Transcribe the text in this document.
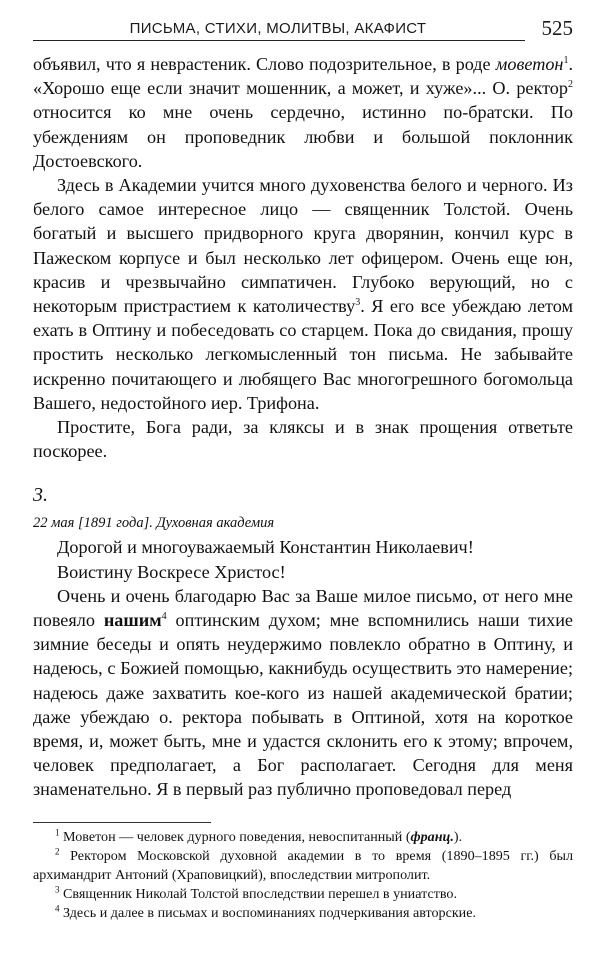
ПИСЬМА, СТИХИ, МОЛИТВЫ, АКАФИСТ	525

объявил, что я неврастеник. Слово подозрительное, в роде моветон$^1$. «Хорошо еще если значит мошенник, а может, и хуже»... О. ректор$^2$ относится ко мне очень сердечно, истинно по-братски. По убеждениям он проповедник любви и большой поклонник Достоевского.

Здесь в Академии учится много духовенства белого и черного. Из белого самое интересное лицо — священник Толстой. Очень богатый и высшего придворного круга дворянин, кончил курс в Пажеском корпусе и был несколько лет офицером. Очень еще юн, красив и чрезвычайно симпатичен. Глубоко верующий, но с некоторым пристрастием к католичеству$^3$. Я его все убеждаю летом ехать в Оптину и побеседовать со старцем. Пока до свидания, прошу простить несколько легкомысленный тон письма. Не забывайте искренно почитающего и любящего Вас многогрешного богомольца Вашего, недостойного иер. Трифона.

Простите, Бога ради, за кляксы и в знак прощения ответьте поскорее.

3.
22 мая [1891 года]. Духовная академия

Дорогой и многоуважаемый Константин Николаевич!

Воистину Воскресе Христос!

Очень и очень благодарю Вас за Ваше милое письмо, от него мне повеяло нашим$^4$ оптинским духом; мне вспомнились наши тихие зимние беседы и опять неудержимо повлекло обратно в Оптину, и надеюсь, с Божией помощью, какнибудь осуществить это намерение; надеюсь даже захватить кое-кого из нашей академической братии; даже убеждаю о. ректора побывать в Оптиной, хотя на короткое время, и, может быть, мне и удастся склонить его к этому; впрочем, человек предполагает, а Бог располагает. Сегодня для меня знаменательно. Я в первый раз публично проповедовал перед

$^1$ Моветон — человек дурного поведения, невоспитанный (франц.).

$^2$ Ректором Московской духовной академии в то время (1890–1895 гг.) был архимандрит Антоний (Храповицкий), впоследствии митрополит.

$^3$ Священник Николай Толстой впоследствии перешел в униатство.

$^4$ Здесь и далее в письмах и воспоминаниях подчеркивания авторские.
